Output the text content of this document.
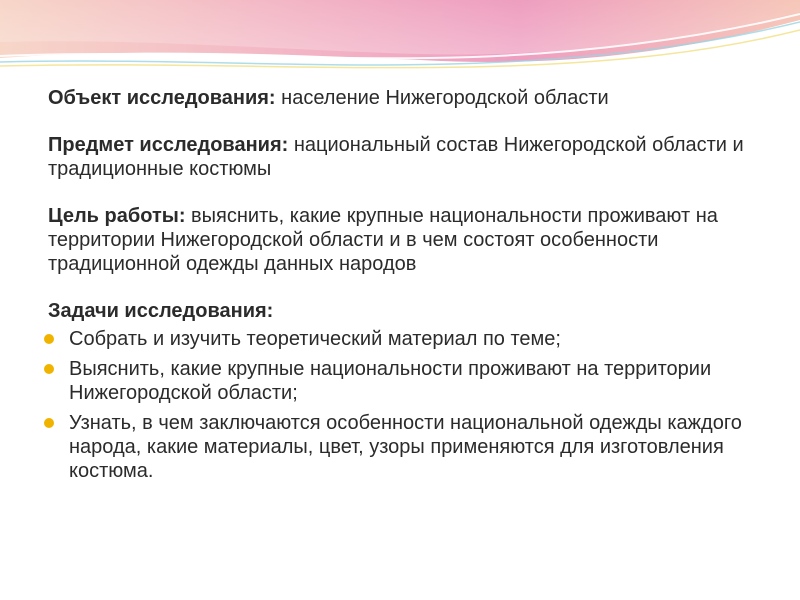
Объект исследования: население Нижегородской области

Предмет исследования: национальный состав Нижегородской области и традиционные костюмы

Цель работы: выяснить, какие крупные национальности проживают на территории Нижегородской области и в чем состоят особенности традиционной одежды данных народов

Задачи исследования:

Собрать и изучить теоретический материал по теме;
Выяснить, какие крупные национальности проживают на территории Нижегородской области;
Узнать, в чем заключаются особенности национальной одежды каждого народа, какие материалы, цвет, узоры применяются для изготовления костюма.
